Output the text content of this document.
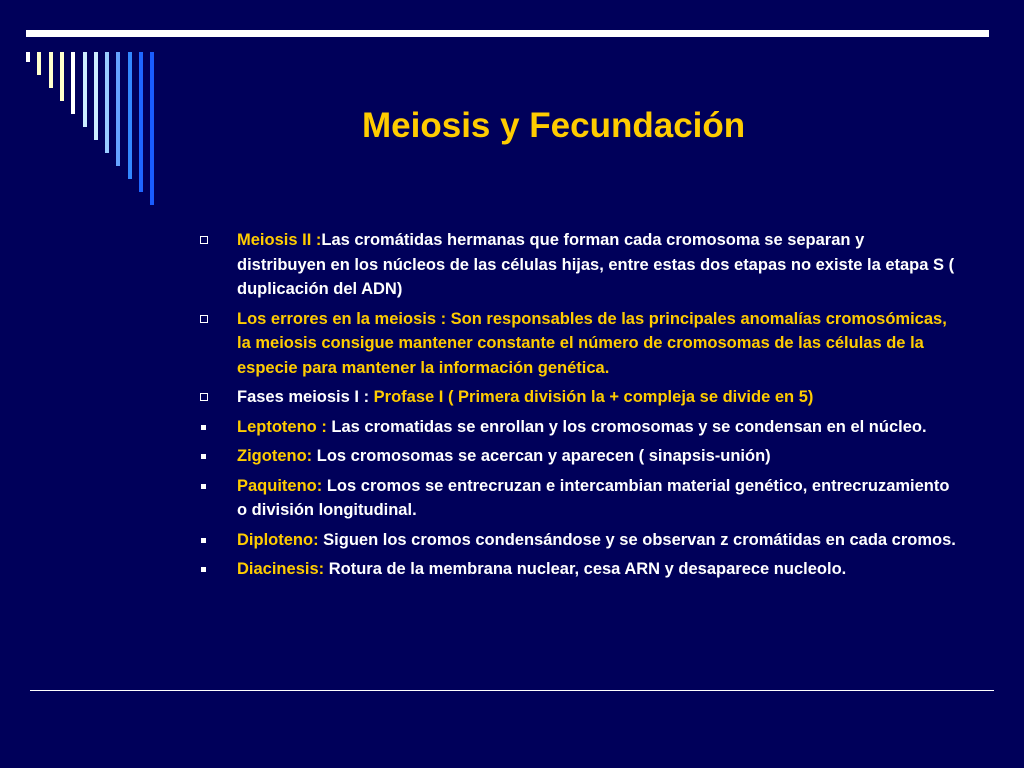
Meiosis y Fecundación
Meiosis II :Las cromátidas hermanas que forman cada cromosoma se separan y distribuyen en los núcleos de las células hijas, entre estas dos etapas no existe la etapa S ( duplicación del ADN)
Los errores en la meiosis : Son responsables de las principales anomalías cromosómicas, la meiosis consigue mantener constante el número de cromosomas de las células de la especie para mantener la información genética.
Fases meiosis I : Profase I ( Primera división la + compleja se divide en 5)
Leptoteno : Las cromatidas se enrollan y los cromosomas y se condensan en el núcleo.
Zigoteno: Los cromosomas se acercan y aparecen ( sinapsis-unión)
Paquiteno: Los cromos se entrecruzan e intercambian material genético, entrecruzamiento o división longitudinal.
Diploteno: Siguen los cromos condensándose y se observan z cromátidas en cada cromos.
Diacinesis: Rotura de la membrana nuclear, cesa ARN y desaparece nucleolo.
